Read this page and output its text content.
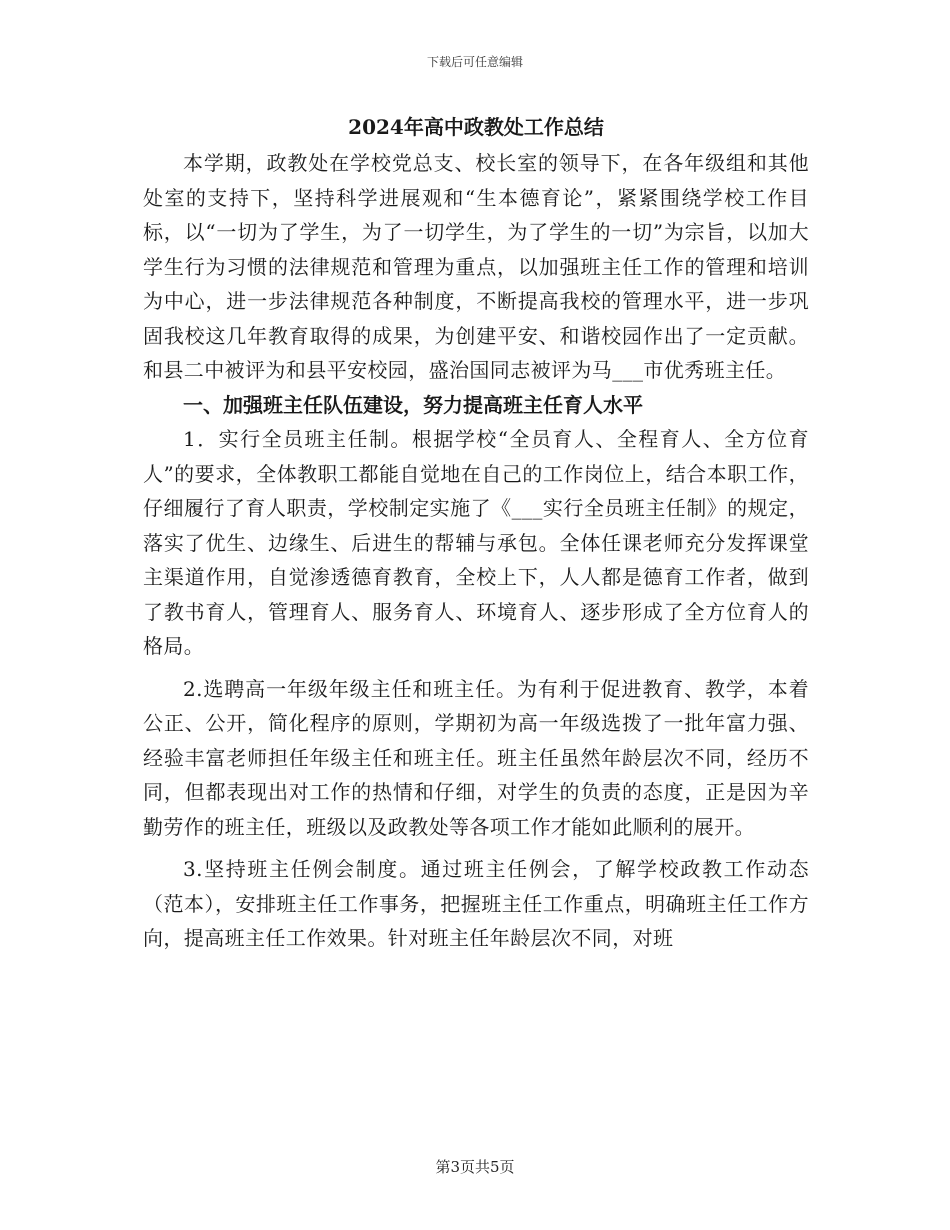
下载后可任意编辑
2024年高中政教处工作总结

本学期，政教处在学校党总支、校长室的领导下，在各年级组和其他处室的支持下，坚持科学进展观和“生本德育论”，紧紧围绕学校工作目标，以“一切为了学生，为了一切学生，为了学生的一切”为宗旨，以加大学生行为习惯的法律规范和管理为重点，以加强班主任工作的管理和培训为中心，进一步法律规范各种制度，不断提高我校的管理水平，进一步巩固我校这几年教育取得的成果，为创建平安、和谐校园作出了一定贡献。和县二中被评为和县平安校园，盛治国同志被评为马___市优秀班主任。

一、加强班主任队伍建设，努力提高班主任育人水平

1．实行全员班主任制。根据学校“全员育人、全程育人、全方位育人”的要求，全体教职工都能自觉地在自己的工作岗位上，结合本职工作，仔细履行了育人职责，学校制定实施了《___实行全员班主任制》的规定，落实了优生、边缘生、后进生的帮辅与承包。全体任课老师充分发挥课堂主渠道作用，自觉渗透德育教育，全校上下，人人都是德育工作者，做到了教书育人，管理育人、服务育人、环境育人、逐步形成了全方位育人的格局。

2.选聘高一年级年级主任和班主任。为有利于促进教育、教学，本着公正、公开，简化程序的原则，学期初为高一年级选拨了一批年富力强、经验丰富老师担任年级主任和班主任。班主任虽然年龄层次不同，经历不同，但都表现出对工作的热情和仔细，对学生的负责的态度，正是因为辛勤劳作的班主任，班级以及政教处等各项工作才能如此顺利的展开。

3.坚持班主任例会制度。通过班主任例会，了解学校政教工作动态（范本），安排班主任工作事务，把握班主任工作重点，明确班主任工作方向，提高班主任工作效果。针对班主任年龄层次不同，对班

第3页共5页
